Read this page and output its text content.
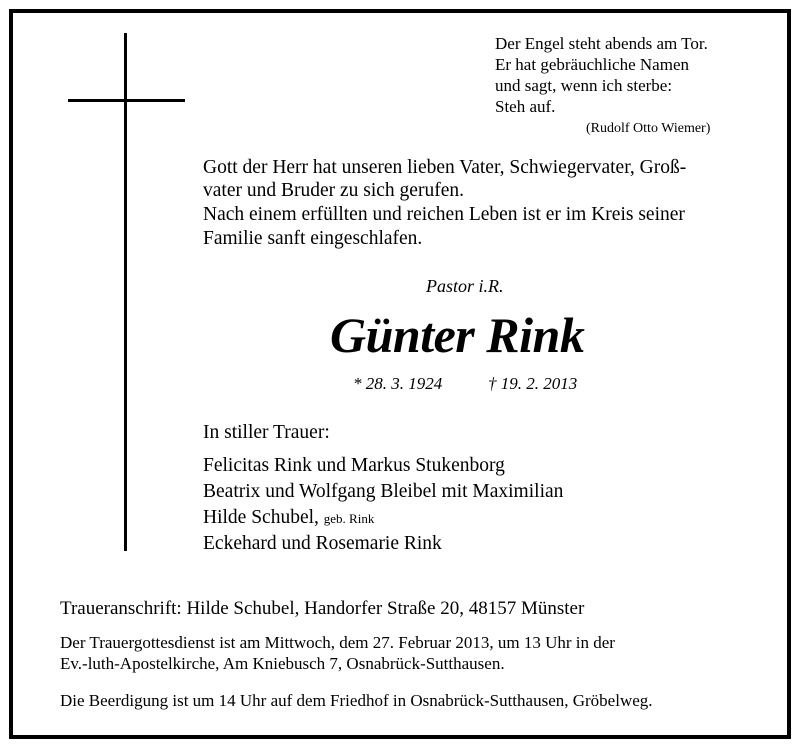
Der Engel steht abends am Tor.
Er hat gebräuchliche Namen
und sagt, wenn ich sterbe:
Steh auf.
(Rudolf Otto Wiemer)
Gott der Herr hat unseren lieben Vater, Schwiegervater, Groß-
vater und Bruder zu sich gerufen.
Nach einem erfüllten und reichen Leben ist er im Kreis seiner
Familie sanft eingeschlafen.
Pastor i.R.
Günter Rink
* 28. 3. 1924	† 19. 2. 2013
In stiller Trauer:
Felicitas Rink und Markus Stukenborg
Beatrix und Wolfgang Bleibel mit Maximilian
Hilde Schubel, geb. Rink
Eckehard und Rosemarie Rink
Traueranschrift: Hilde Schubel, Handorfer Straße 20, 48157 Münster
Der Trauergottesdienst ist am Mittwoch, dem 27. Februar 2013, um 13 Uhr in der
Ev.-luth-Apostelkirche, Am Kniebusch 7, Osnabrück-Sutthausen.
Die Beerdigung ist um 14 Uhr auf dem Friedhof in Osnabrück-Sutthausen, Gröbelweg.
